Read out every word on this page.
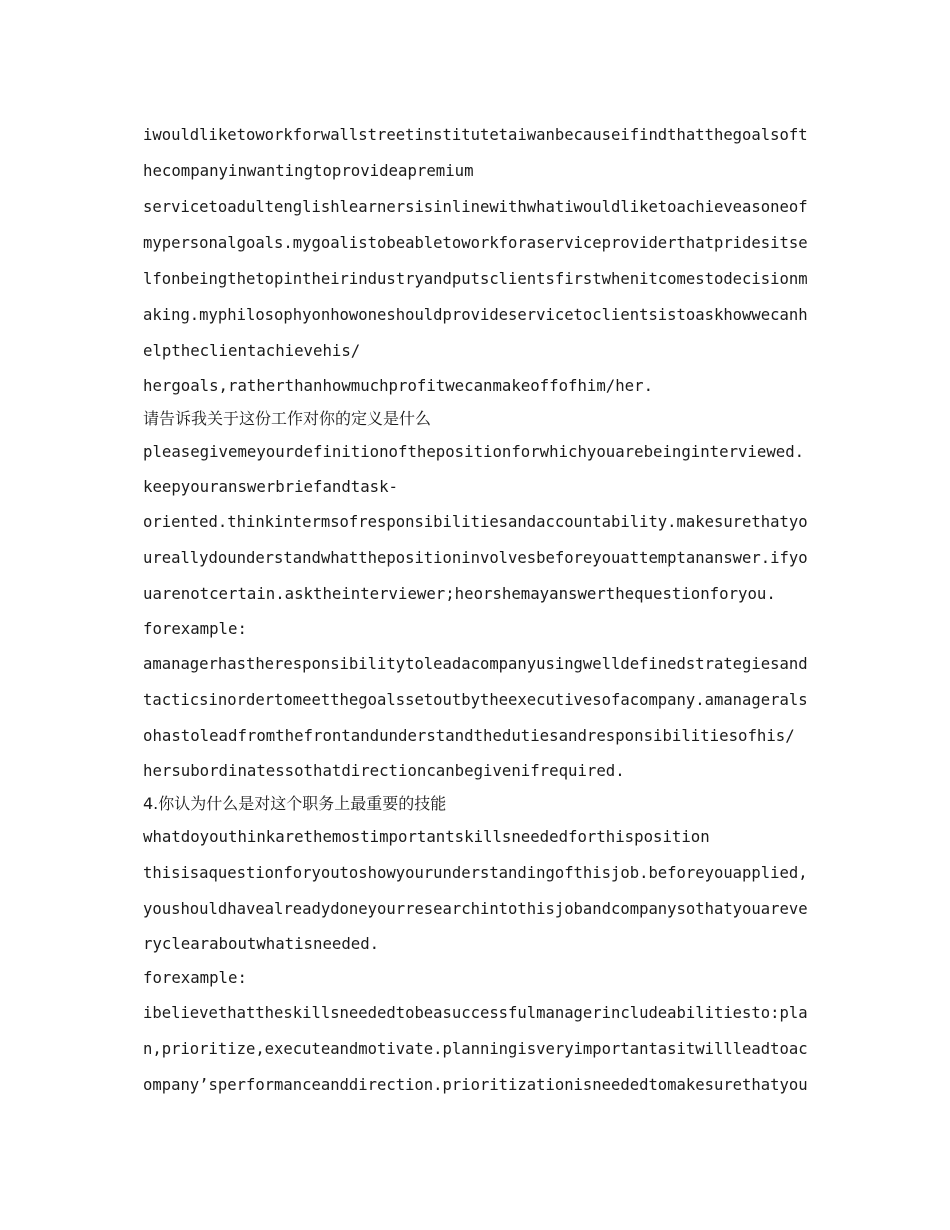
iwouldliketoworkforwallstreetinstitutetaiwanbecauseifindthatthegoalsoft
hecompanyinwantingtoprovideapremium
servicetoadultenglishlearnersisinlinewithwhatiwouldliketoachieveasoneof
mypersonalgoals.mygoalistobeabletoworkforaserviceproviderthatpridesitse
lfonbeingthetopintheirindustryandputsclientsfirstwhenitcomestodecisionm
aking.myphilosophyonhowoneshouldprovideservicetoclientsistoaskhowwecanh
elptheclientachievehis/
hergoals,ratherthanhowmuchprofitwecanmakeoffofhim/her.
请告诉我关于这份工作对你的定义是什么
pleasegivemeyourdefinitionofthepositionforwhichyouarebeinginterviewed.
keepyouranswerbriefandtask-
oriented.thinkintermsofresponsibilitiesandaccountability.makesurethatyo
ureallydounderstandwhatthepositioninvolvesbeforeyouattemptananswer.ifyo
uarenotcertain.asktheinterviewer;heorshemayanswerthequestionforyou.
forexample:
amanagerhastheresponsibilitytoleadacompanyusingwelldefinedstrategiesand
tacticsinordertomeetthegoalssetoutbytheexecutivesofacompany.amanagerals
ohastoleadfromthefrontandunderstandthedutiesandresponsibilitiesofhis/
hersubordinatessothatdirectioncanbegivenifrequired.
4.你认为什么是对这个职务上最重要的技能
whatdoyouthinkarethemostimportantskillsneededforthisposition
thisisaquestionforyoutoshowyourunderstandingofthisjob.beforeyouapplied,
youshouldhavealreadydoneyourresearchintothisjobandcompanysothatyouareve
ryclearaboutwhatisneeded.
forexample:
ibelievethattheskillsneededtobeasuccessfulmanagerincludeabilitiesto:pla
n,prioritize,executeandmotivate.planningisveryimportantasitwillleadtoac
ompany’sperformanceanddirection.prioritizationisneededtomakesurethatyou
